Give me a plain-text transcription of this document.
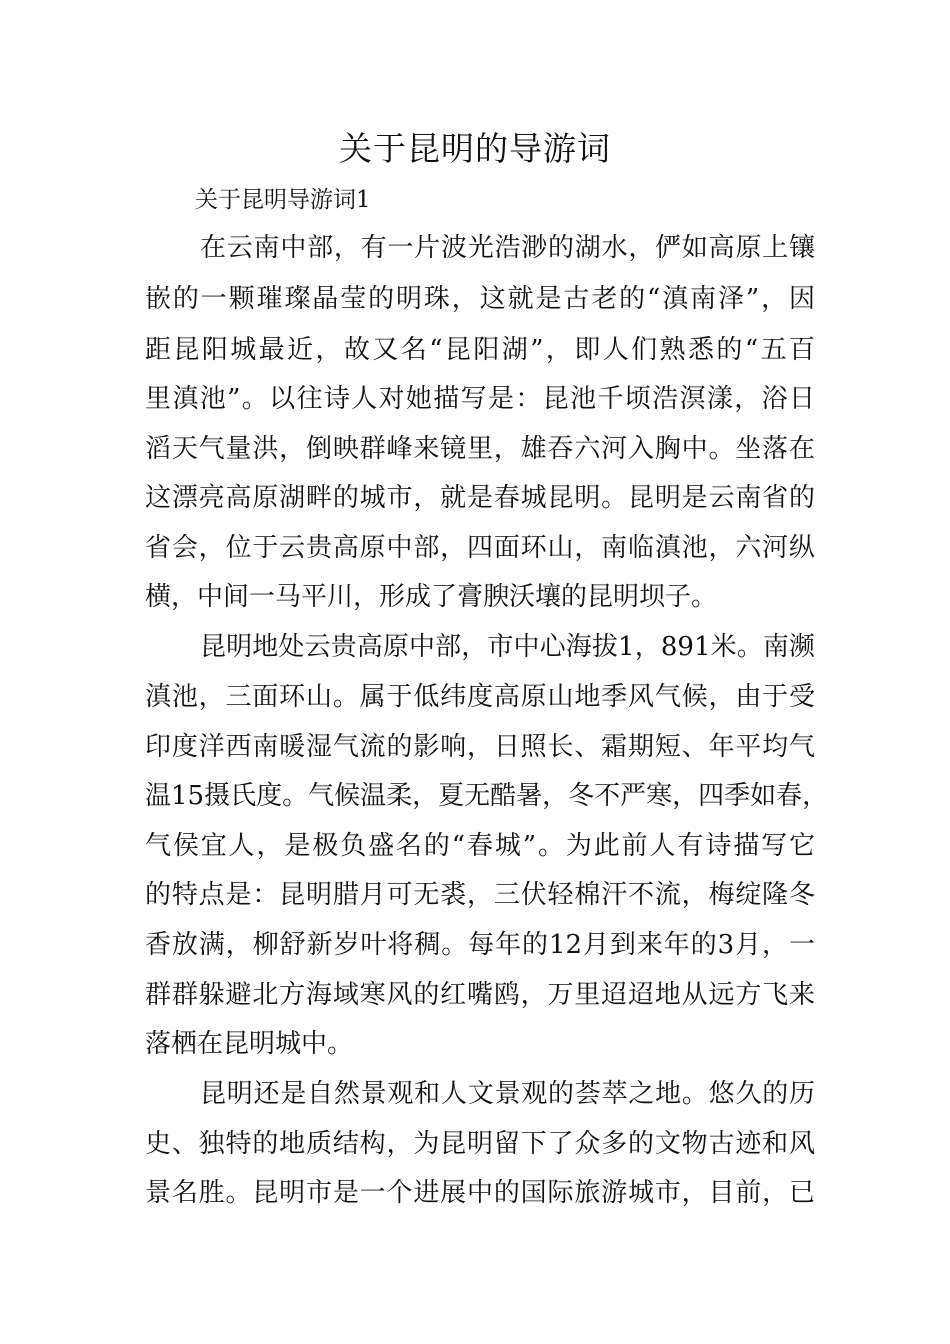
关于昆明的导游词
关于昆明导游词1
在云南中部，有一片波光浩渺的湖水，俨如高原上镶
嵌的一颗璀璨晶莹的明珠，这就是古老的“滇南泽”，因
距昆阳城最近，故又名“昆阳湖”，即人们熟悉的“五百
里滇池”。以往诗人对她描写是：昆池千顷浩溟漾，浴日
滔天气量洪，倒映群峰来镜里，雄吞六河入胸中。坐落在
这漂亮高原湖畔的城市，就是春城昆明。昆明是云南省的
省会，位于云贵高原中部，四面环山，南临滇池，六河纵
横，中间一马平川，形成了膏腴沃壤的昆明坝子。
昆明地处云贵高原中部，市中心海拔1，891米。南濒
滇池，三面环山。属于低纬度高原山地季风气候，由于受
印度洋西南暖湿气流的影响，日照长、霜期短、年平均气
温15摄氏度。气候温柔，夏无酷暑，冬不严寒，四季如春，
气侯宜人，是极负盛名的“春城”。为此前人有诗描写它
的特点是：昆明腊月可无裘，三伏轻棉汗不流，梅绽隆冬
香放满，柳舒新岁叶将稠。每年的12月到来年的3月，一
群群躲避北方海域寒风的红嘴鸥，万里迢迢地从远方飞来
落栖在昆明城中。
昆明还是自然景观和人文景观的荟萃之地。悠久的历
史、独特的地质结构，为昆明留下了众多的文物古迹和风
景名胜。昆明市是一个进展中的国际旅游城市，目前，已
